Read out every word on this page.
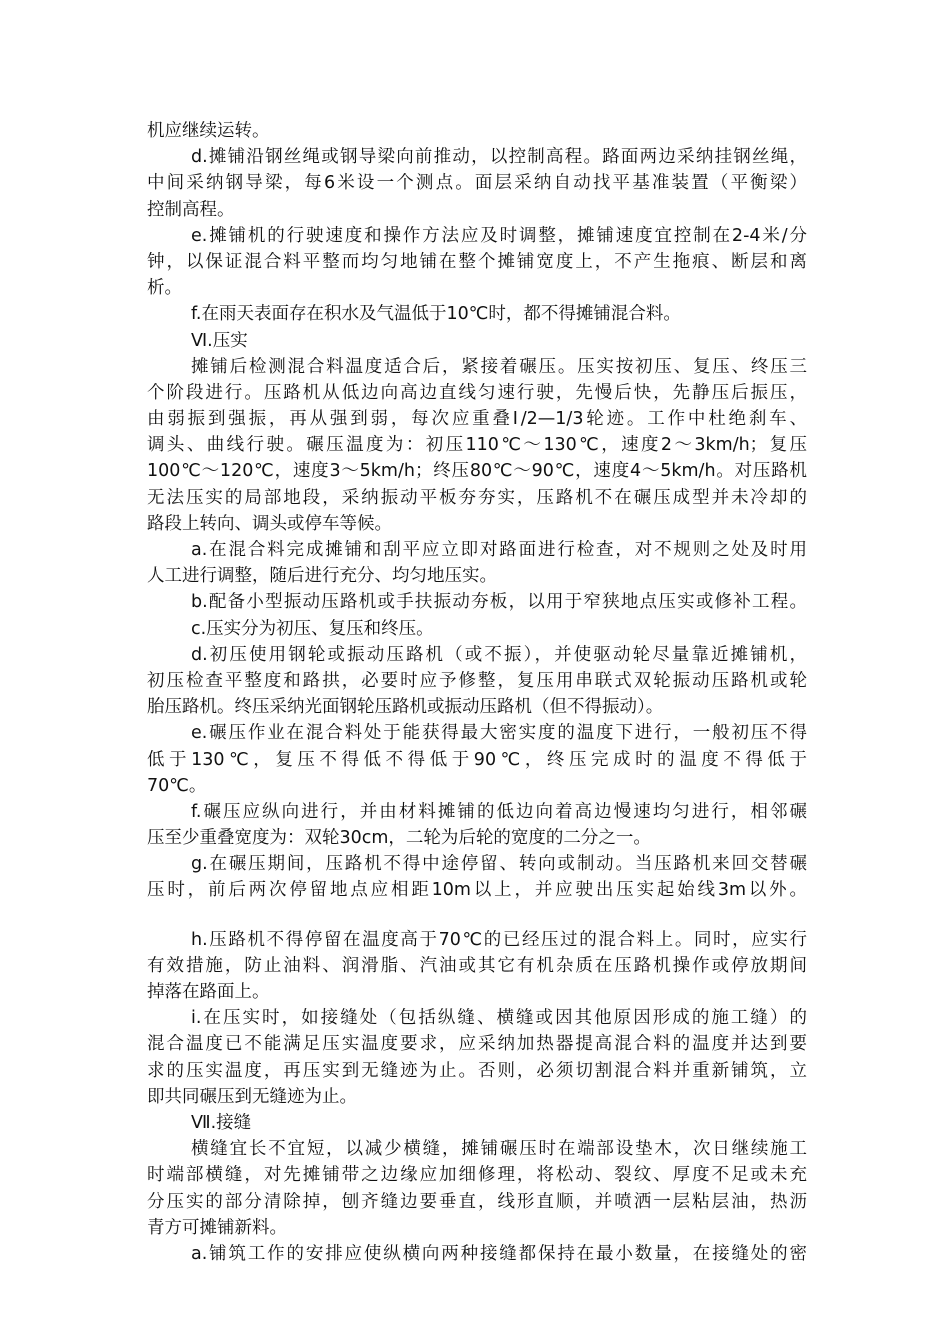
机应继续运转。
d.摊铺沿钢丝绳或钢导梁向前推动，以控制高程。路面两边采纳挂钢丝绳，
中间采纳钢导梁，每6米设一个测点。面层采纳自动找平基准装置（平衡梁）
控制高程。
e.摊铺机的行驶速度和操作方法应及时调整，摊铺速度宜控制在2-4米/分
钟，以保证混合料平整而均匀地铺在整个摊铺宽度上，不产生拖痕、断层和离
析。
f.在雨天表面存在积水及气温低于10℃时，都不得摊铺混合料。
Ⅵ.压实
摊铺后检测混合料温度适合后，紧接着碾压。压实按初压、复压、终压三
个阶段进行。压路机从低边向高边直线匀速行驶，先慢后快，先静压后振压，
由弱振到强振，再从强到弱，每次应重叠Ⅰ/2—1/3轮迹。工作中杜绝刹车、
调头、曲线行驶。碾压温度为：初压110℃～130℃，速度2～3km/h；复压
100℃～120℃，速度3～5km/h；终压80℃～90℃，速度4～5km/h。对压路机
无法压实的局部地段，采纳振动平板夯夯实，压路机不在碾压成型并未冷却的
路段上转向、调头或停车等候。
a.在混合料完成摊铺和刮平应立即对路面进行检查，对不规则之处及时用
人工进行调整，随后进行充分、均匀地压实。
b.配备小型振动压路机或手扶振动夯板，以用于窄狭地点压实或修补工程。
c.压实分为初压、复压和终压。
d.初压使用钢轮或振动压路机（或不振），并使驱动轮尽量靠近摊铺机，
初压检查平整度和路拱，必要时应予修整，复压用串联式双轮振动压路机或轮
胎压路机。终压采纳光面钢轮压路机或振动压路机（但不得振动）。
e.碾压作业在混合料处于能获得最大密实度的温度下进行，一般初压不得
低于130℃，复压不得低不得低于90℃，终压完成时的温度不得低于
70℃。
f.碾压应纵向进行，并由材料摊铺的低边向着高边慢速均匀进行，相邻碾
压至少重叠宽度为：双轮30cm，二轮为后轮的宽度的二分之一。
g.在碾压期间，压路机不得中途停留、转向或制动。当压路机来回交替碾
压时，前后两次停留地点应相距10m以上，并应驶出压实起始线3m以外。
h.压路机不得停留在温度高于70℃的已经压过的混合料上。同时，应实行
有效措施，防止油料、润滑脂、汽油或其它有机杂质在压路机操作或停放期间
掉落在路面上。
i.在压实时，如接缝处（包括纵缝、横缝或因其他原因形成的施工缝）的
混合温度已不能满足压实温度要求，应采纳加热器提高混合料的温度并达到要
求的压实温度，再压实到无缝迹为止。否则，必须切割混合料并重新铺筑，立
即共同碾压到无缝迹为止。
Ⅶ.接缝
横缝宜长不宜短，以减少横缝，摊铺碾压时在端部设垫木，次日继续施工
时端部横缝，对先摊铺带之边缘应加细修理，将松动、裂纹、厚度不足或未充
分压实的部分清除掉，刨齐缝边要垂直，线形直顺，并喷洒一层粘层油，热沥
青方可摊铺新料。
a.铺筑工作的安排应使纵横向两种接缝都保持在最小数量，在接缝处的密
